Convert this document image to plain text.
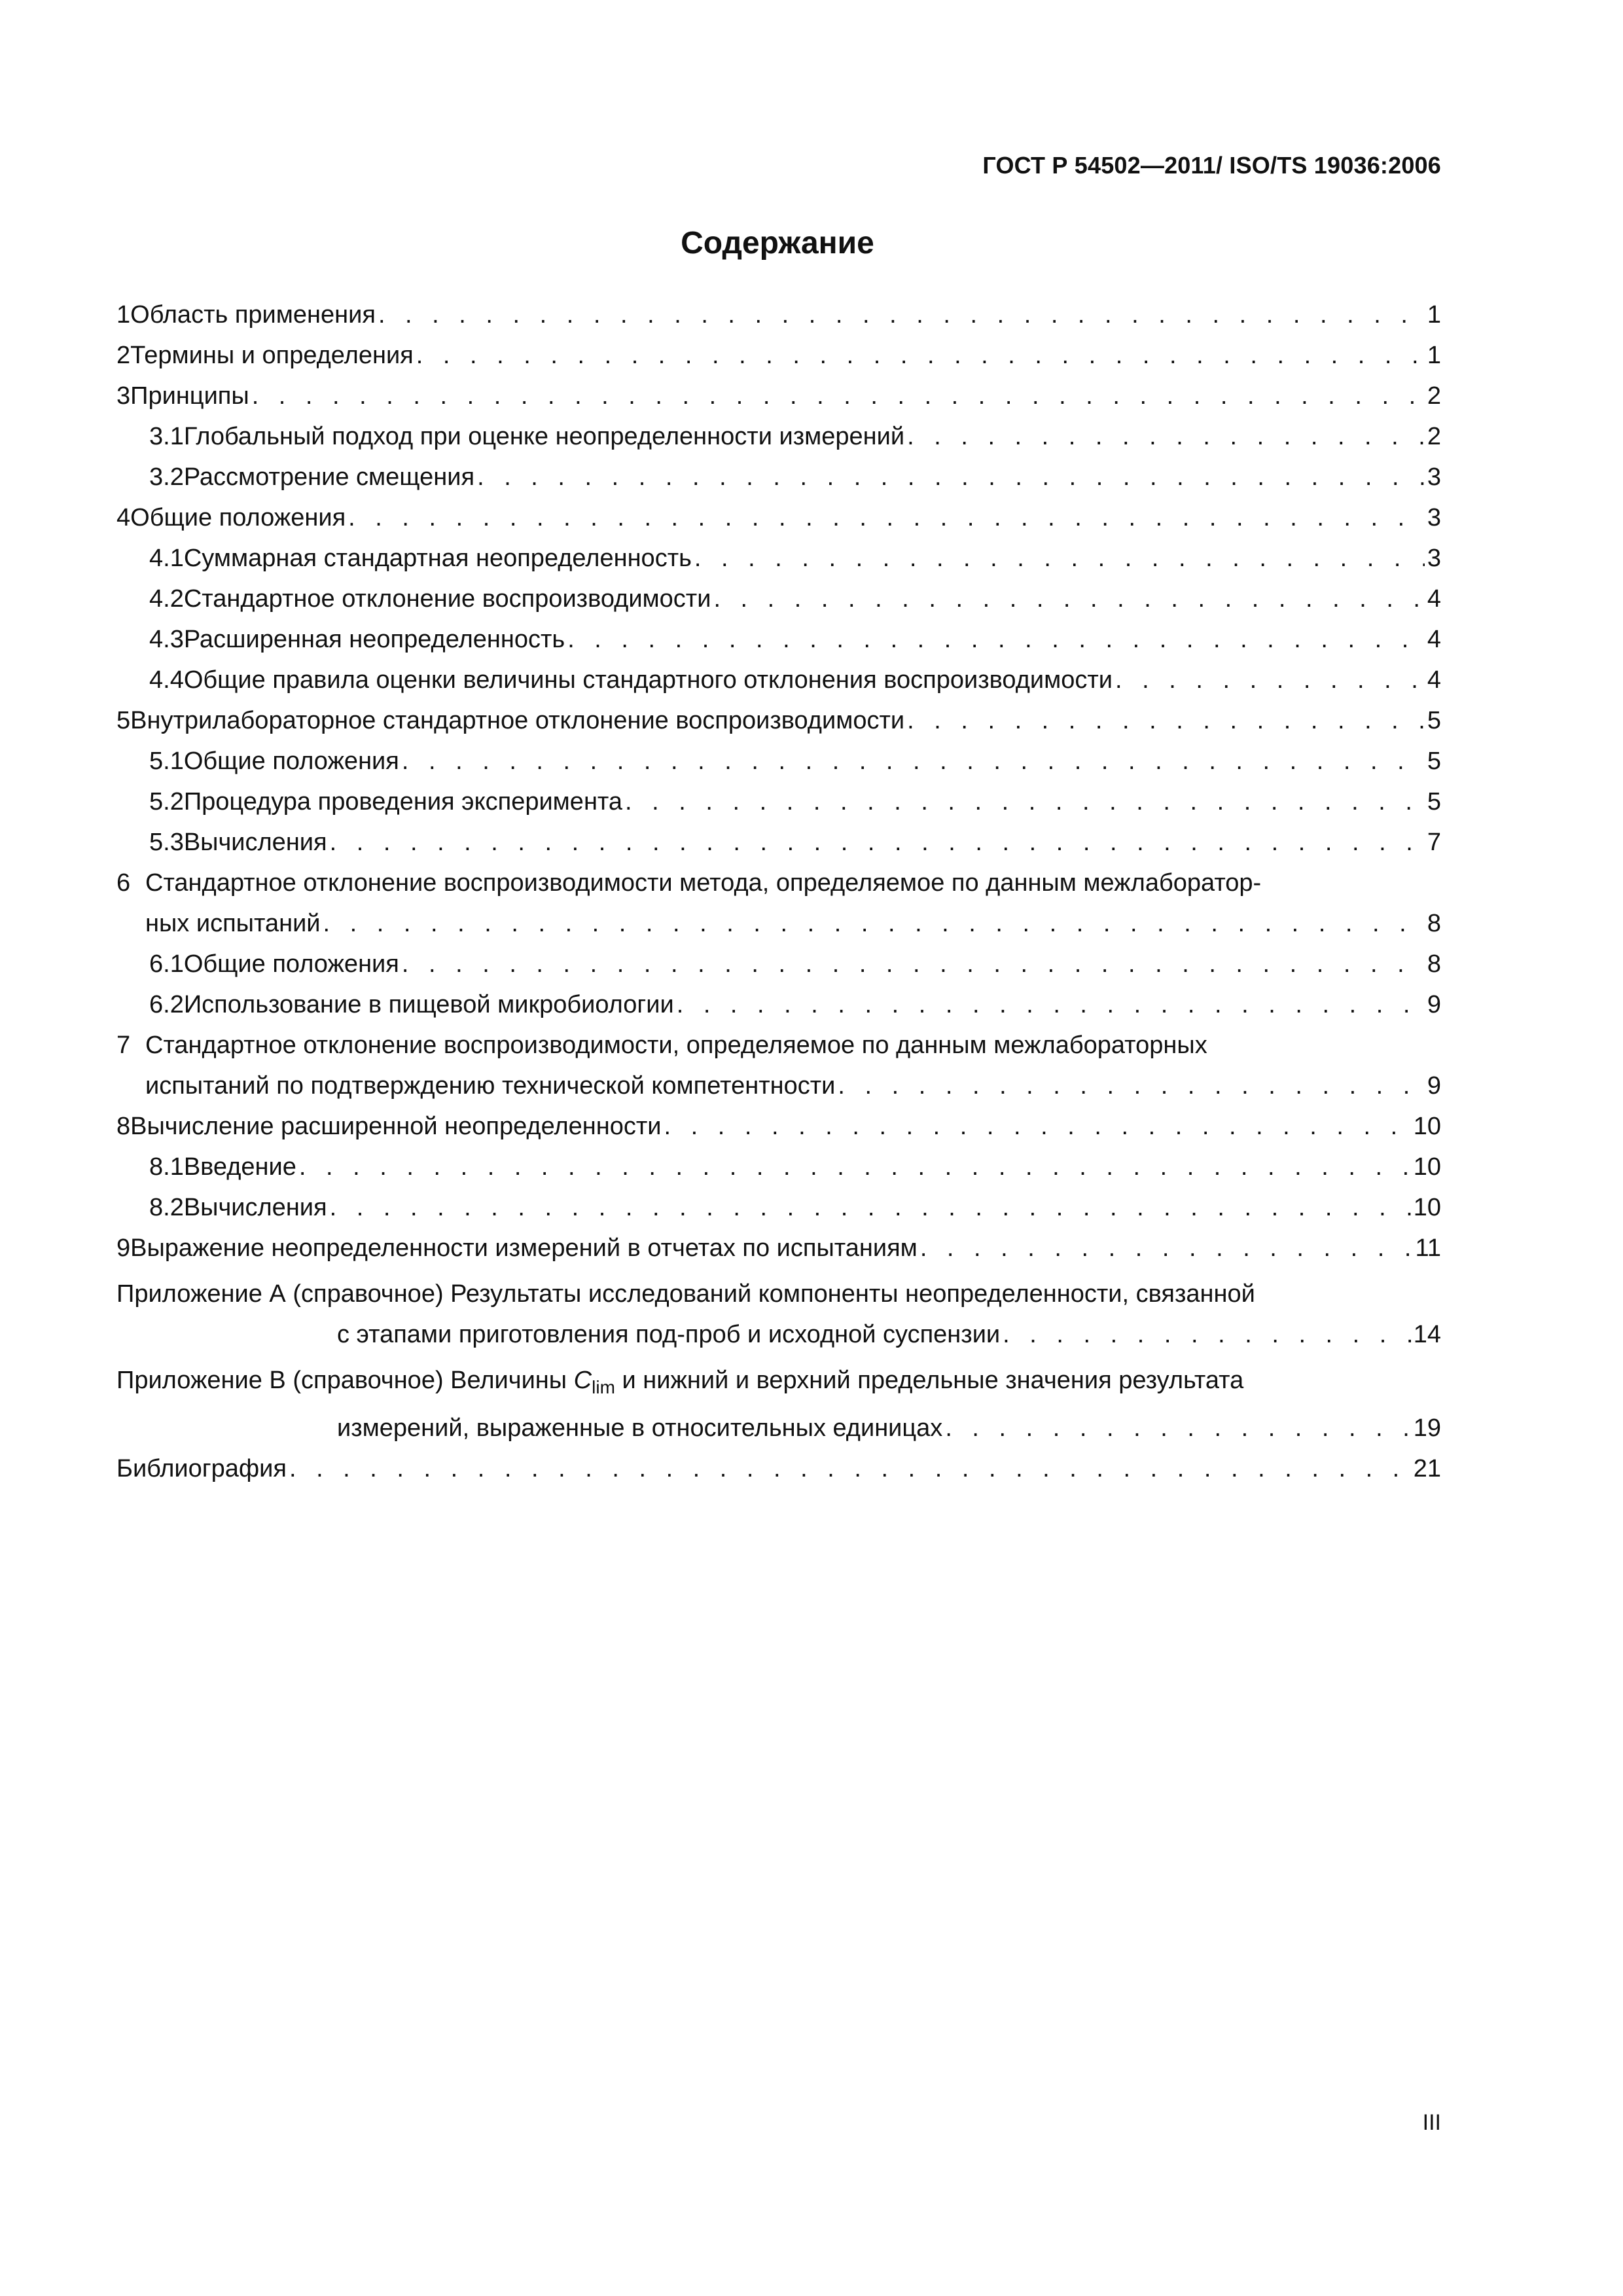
ГОСТ Р 54502—2011/ ISO/TS 19036:2006
Содержание
1 Область применения . . .	1
2 Термины и определения . . .	1
3 Принципы . . .	2
3.1 Глобальный подход при оценке неопределенности измерений . . .	2
3.2 Рассмотрение смещения . . .	3
4 Общие положения . . .	3
4.1 Суммарная стандартная неопределенность . . .	3
4.2 Стандартное отклонение воспроизводимости . . .	4
4.3 Расширенная неопределенность . . .	4
4.4 Общие правила оценки величины стандартного отклонения воспроизводимости . . .	4
5 Внутрилабораторное стандартное отклонение воспроизводимости . . .	5
5.1 Общие положения . . .	5
5.2 Процедура проведения эксперимента . . .	5
5.3 Вычисления . . .	7
6 Стандартное отклонение воспроизводимости метода, определяемое по данным межлаборатор-
ных испытаний . . .	8
6.1 Общие положения . . .	8
6.2 Использование в пищевой микробиологии . . .	9
7 Стандартное отклонение воспроизводимости, определяемое по данным межлабораторных
испытаний по подтверждению технической компетентности . . .	9
8 Вычисление расширенной неопределенности . . .	10
8.1 Введение . . .	10
8.2 Вычисления . . .	10
9 Выражение неопределенности измерений в отчетах по испытаниям . . .	11
Приложение А (справочное) Результаты исследований компоненты неопределенности, связанной
с этапами приготовления под-проб и исходной суспензии . . .	14
Приложение В (справочное) Величины $C_{lim}$ и нижний и верхний предельные значения результата
измерений, выраженные в относительных единицах . . .	19
Библиография . . .	21
III
